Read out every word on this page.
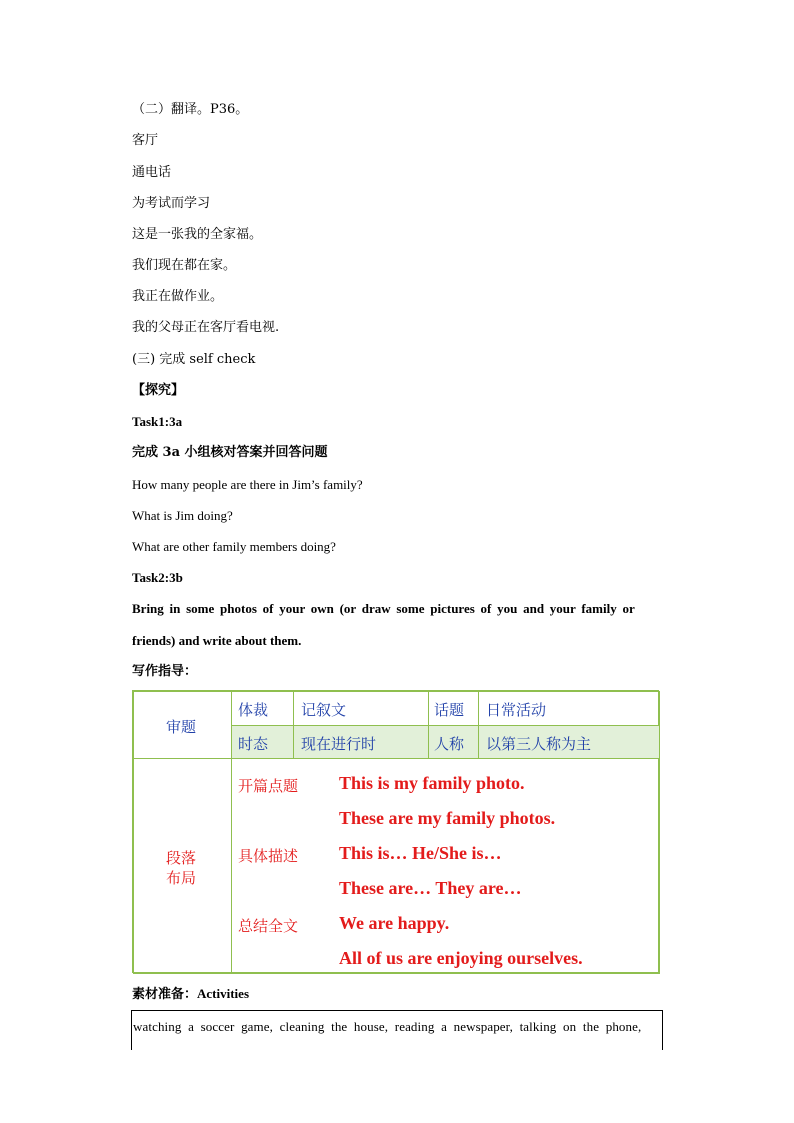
（二）翻译。P36。
客厅
通电话
为考试而学习
这是一张我的全家福。
我们现在都在家。
我正在做作业。
我的父母正在客厅看电视.
(三) 完成 self check
【探究】
Task1:3a
完成 3a 小组核对答案并回答问题
How many people are there in Jim’s family?
What is Jim doing?
What are other family members doing?
Task2:3b
Bring in some photos of your own (or draw some pictures of you and your family or
friends) and write about them.
写作指导：
审题
体裁 记叙文	话题 日常活动
时态 现在进行时	人称 以第三人称为主
段落
布局
开篇点题 This is my family photo.
These are my family photos.
具体描述 This is… He/She is…
These are… They are…
总结全文 We are happy.
All of us are enjoying ourselves.
素材准备：Activities
watching a soccer game, cleaning the house, reading a newspaper, talking on the phone,
